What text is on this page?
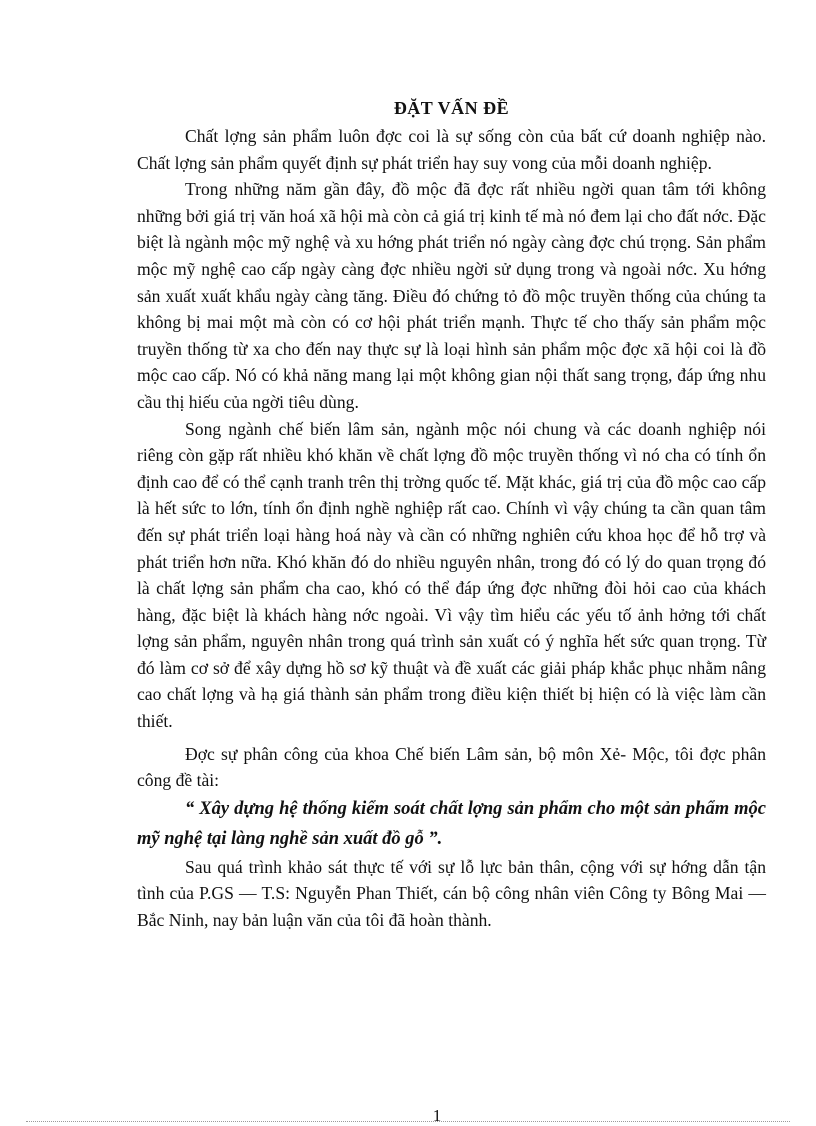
ĐẶT VẤN ĐỀ

Chất lợng sản phẩm luôn đợc coi là sự sống còn của bất cứ doanh nghiệp nào. Chất lợng sản phẩm quyết định sự phát triển hay suy vong của mỗi doanh nghiệp.

Trong những năm gần đây, đồ mộc đã đợc rất nhiều ngời quan tâm tới không những bởi giá trị văn hoá xã hội mà còn cả giá trị kinh tế mà nó đem lại cho đất nớc. Đặc biệt là ngành mộc mỹ nghệ và xu hớng phát triển nó ngày càng đợc chú trọng. Sản phẩm mộc mỹ nghệ cao cấp ngày càng đợc nhiều ngời sử dụng trong và ngoài nớc. Xu hớng sản xuất xuất khẩu ngày càng tăng. Điều đó chứng tỏ đồ mộc truyền thống của chúng ta không bị mai một mà còn có cơ hội phát triển mạnh. Thực tế cho thấy sản phẩm mộc truyền thống từ xa cho đến nay thực sự là loại hình sản phẩm mộc đợc xã hội coi là đồ mộc cao cấp. Nó có khả năng mang lại một không gian nội thất sang trọng, đáp ứng nhu cầu thị hiếu của ngời tiêu dùng.

Song ngành chế biến lâm sản, ngành mộc nói chung và các doanh nghiệp nói riêng còn gặp rất nhiều khó khăn về chất lợng đồ mộc truyền thống vì nó cha có tính ổn định cao để có thể cạnh tranh trên thị trờng quốc tế. Mặt khác, giá trị của đồ mộc cao cấp là hết sức to lớn, tính ổn định nghề nghiệp rất cao. Chính vì vậy chúng ta cần quan tâm đến sự phát triển loại hàng hoá này và cần có những nghiên cứu khoa học để hỗ trợ và phát triển hơn nữa. Khó khăn đó do nhiều nguyên nhân, trong đó có lý do quan trọng đó là chất lợng sản phẩm cha cao, khó có thể đáp ứng đợc những đòi hỏi cao của khách hàng, đặc biệt là khách hàng nớc ngoài. Vì vậy tìm hiểu các yếu tố ảnh hởng tới chất lợng sản phẩm, nguyên nhân trong quá trình sản xuất có ý nghĩa hết sức quan trọng. Từ đó làm cơ sở để xây dựng hồ sơ kỹ thuật và đề xuất các giải pháp khắc phục nhằm nâng cao chất lợng và hạ giá thành sản phẩm trong điều kiện thiết bị hiện có là việc làm cần thiết.

Đợc sự phân công của khoa Chế biến Lâm sản, bộ môn Xẻ- Mộc, tôi đợc phân công đề tài:

“ Xây dựng hệ thống kiểm soát chất lợng sản phẩm cho một sản phẩm mộc mỹ nghệ tại làng nghề sản xuất đồ gỗ ”.

Sau quá trình khảo sát thực tế với sự lỗ lực bản thân, cộng với sự hớng dẫn tận tình của P.GS — T.S: Nguyễn Phan Thiết, cán bộ công nhân viên Công ty Bông Mai — Bắc Ninh, nay bản luận văn của tôi đã hoàn thành.

1
